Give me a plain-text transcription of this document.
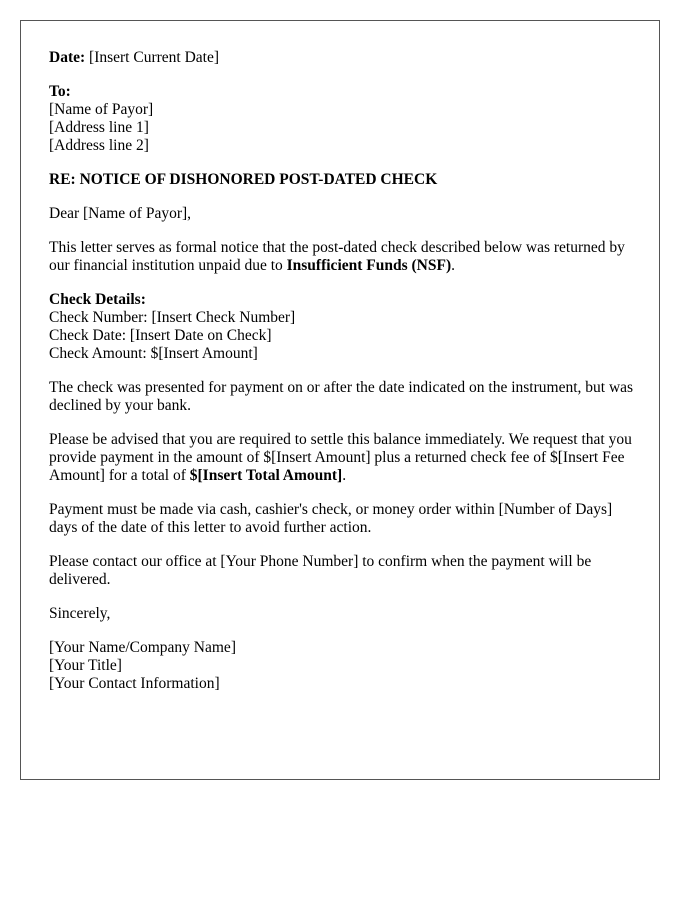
Date: [Insert Current Date]
To:
[Name of Payor]
[Address line 1]
[Address line 2]
RE: NOTICE OF DISHONORED POST-DATED CHECK
Dear [Name of Payor],
This letter serves as formal notice that the post-dated check described below was returned by our financial institution unpaid due to Insufficient Funds (NSF).
Check Details:
Check Number: [Insert Check Number]
Check Date: [Insert Date on Check]
Check Amount: $[Insert Amount]
The check was presented for payment on or after the date indicated on the instrument, but was declined by your bank.
Please be advised that you are required to settle this balance immediately. We request that you provide payment in the amount of $[Insert Amount] plus a returned check fee of $[Insert Fee Amount] for a total of $[Insert Total Amount].
Payment must be made via cash, cashier's check, or money order within [Number of Days] days of the date of this letter to avoid further action.
Please contact our office at [Your Phone Number] to confirm when the payment will be delivered.
Sincerely,
[Your Name/Company Name]
[Your Title]
[Your Contact Information]
